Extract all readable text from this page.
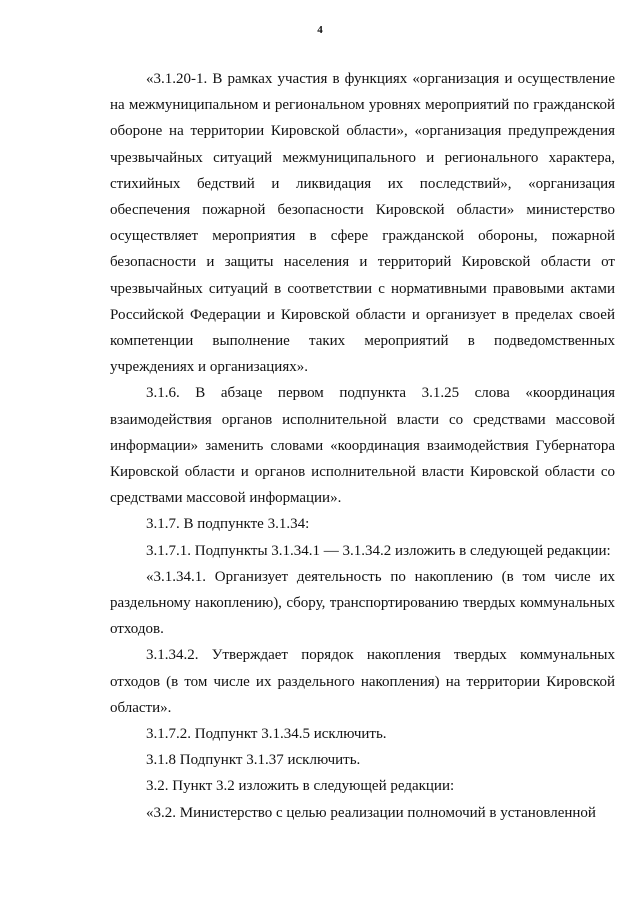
4

«3.1.20-1. В рамках участия в функциях «организация и осуществление на межмуниципальном и региональном уровнях мероприятий по гражданской обороне на территории Кировской области», «организация предупреждения чрезвычайных ситуаций межмуниципального и регионального характера, стихийных бедствий и ликвидация их последствий», «организация обеспечения пожарной безопасности Кировской области» министерство осуществляет мероприятия в сфере гражданской обороны, пожарной безопасности и защиты населения и территорий Кировской области от чрезвычайных ситуаций в соответствии с нормативными правовыми актами Российской Федерации и Кировской области и организует в пределах своей компетенции выполнение таких мероприятий в подведомственных учреждениях и организациях».

3.1.6. В абзаце первом подпункта 3.1.25 слова «координация взаимодействия органов исполнительной власти со средствами массовой информации» заменить словами «координация взаимодействия Губернатора Кировской области и органов исполнительной власти Кировской области со средствами массовой информации».

3.1.7. В подпункте 3.1.34:

3.1.7.1. Подпункты 3.1.34.1 — 3.1.34.2 изложить в следующей редакции:

«3.1.34.1. Организует деятельность по накоплению (в том числе их раздельному накоплению), сбору, транспортированию твердых коммунальных отходов.

3.1.34.2. Утверждает порядок накопления твердых коммунальных отходов (в том числе их раздельного накопления) на территории Кировской области».

3.1.7.2. Подпункт 3.1.34.5 исключить.

3.1.8 Подпункт 3.1.37 исключить.

3.2. Пункт 3.2 изложить в следующей редакции:

«3.2. Министерство с целью реализации полномочий в установленной
